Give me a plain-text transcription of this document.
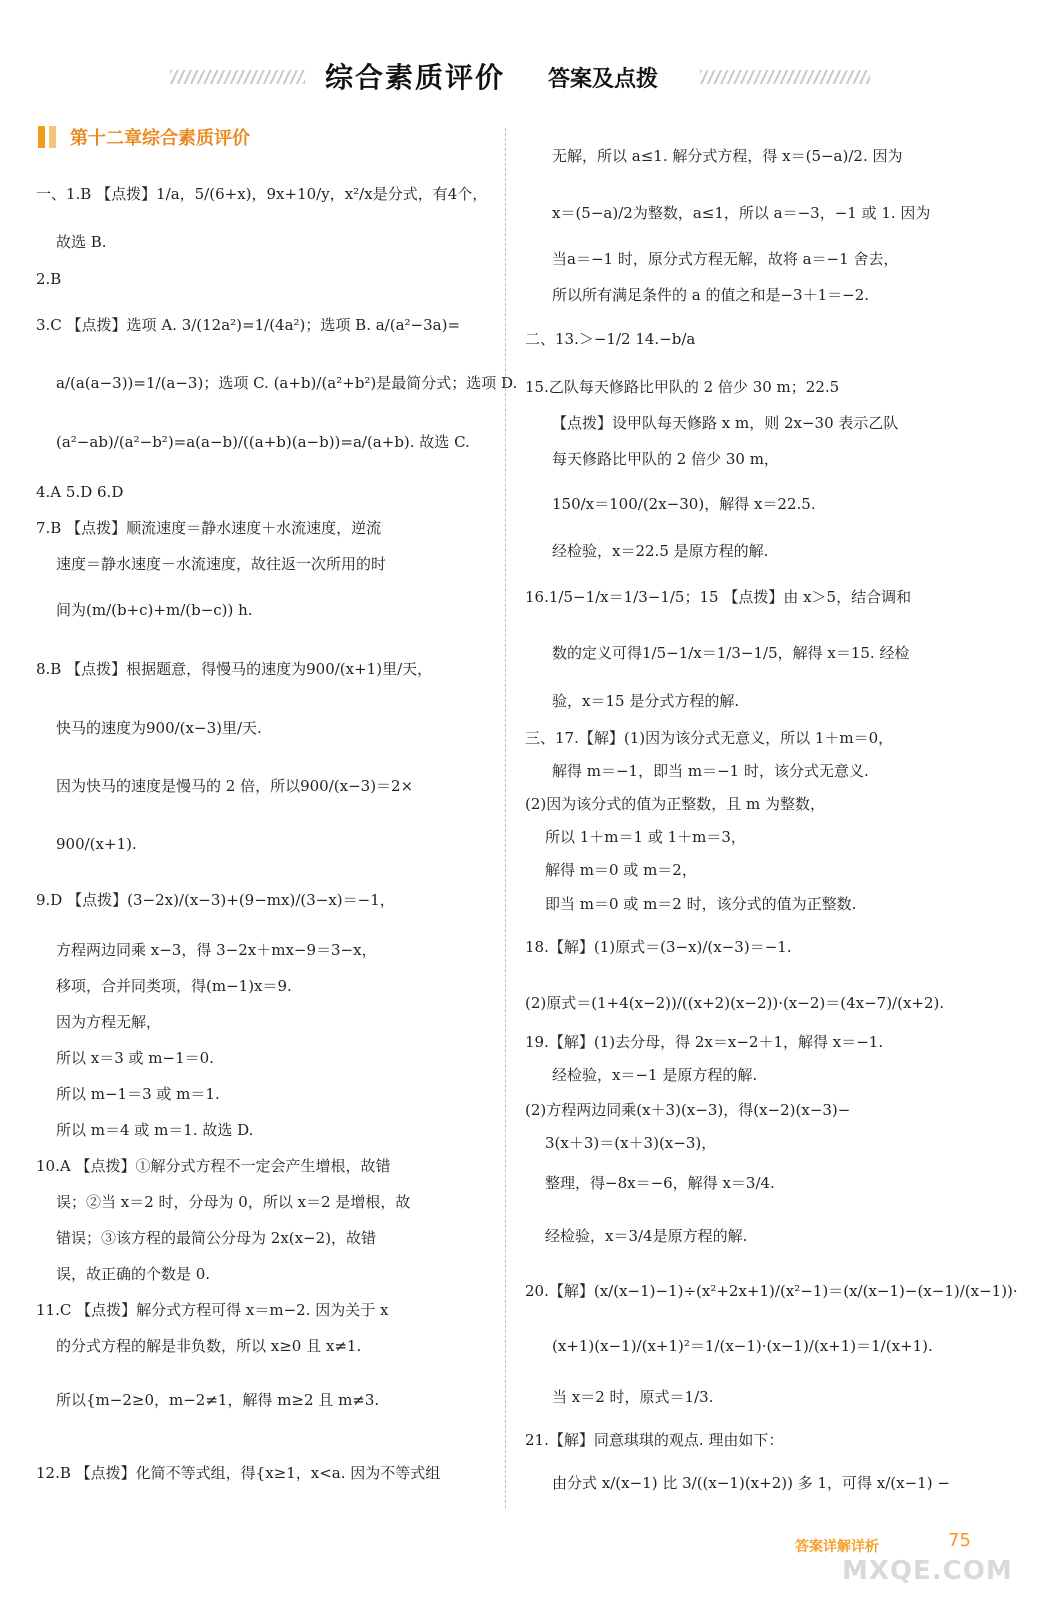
综合素质评价 答案及点拨
第十二章综合素质评价
一、1.B 【点拨】1/a，5/(6+x)，9x+10/y，x²/x是分式，有4个，
故选 B.
2.B
3.C 【点拨】选项 A. 3/(12a²)=1/(4a²)；选项 B. a/(a²−3a)=
a/(a(a−3))=1/(a−3)；选项 C. (a+b)/(a²+b²)是最简分式；选项 D.
(a²−ab)/(a²−b²)=a(a−b)/((a+b)(a−b))=a/(a+b). 故选 C.
4.A 5.D 6.D
7.B 【点拨】顺流速度＝静水速度＋水流速度，逆流
速度＝静水速度－水流速度，故往返一次所用的时
间为(m/(b+c)+m/(b−c)) h.
8.B 【点拨】根据题意，得慢马的速度为900/(x+1)里/天，
快马的速度为900/(x−3)里/天.
因为快马的速度是慢马的 2 倍，所以900/(x−3)＝2×
900/(x+1).
9.D 【点拨】(3−2x)/(x−3)+(9−mx)/(3−x)＝−1，
方程两边同乘 x−3，得 3−2x＋mx−9＝3−x，
移项，合并同类项，得(m−1)x＝9.
因为方程无解，
所以 x＝3 或 m−1＝0.
所以 m−1＝3 或 m＝1.
所以 m＝4 或 m＝1. 故选 D.
10.A 【点拨】①解分式方程不一定会产生增根，故错
误；②当 x＝2 时，分母为 0，所以 x＝2 是增根，故
错误；③该方程的最简公分母为 2x(x−2)，故错
误，故正确的个数是 0.
11.C 【点拨】解分式方程可得 x＝m−2. 因为关于 x
的分式方程的解是非负数，所以 x≥0 且 x≠1.
所以{m−2≥0，m−2≠1，解得 m≥2 且 m≠3.
12.B 【点拨】化简不等式组，得{x≥1，x<a. 因为不等式组
无解，所以 a≤1. 解分式方程，得 x＝(5−a)/2. 因为
x＝(5−a)/2为整数，a≤1，所以 a＝−3，−1 或 1. 因为
当a＝−1 时，原分式方程无解，故将 a＝−1 舍去，
所以所有满足条件的 a 的值之和是−3＋1＝−2.
二、13.＞−1/2 14.−b/a
15.乙队每天修路比甲队的 2 倍少 30 m；22.5
【点拨】设甲队每天修路 x m，则 2x−30 表示乙队
每天修路比甲队的 2 倍少 30 m，
150/x＝100/(2x−30)，解得 x＝22.5.
经检验，x＝22.5 是原方程的解.
16.1/5−1/x＝1/3−1/5；15 【点拨】由 x＞5，结合调和
数的定义可得1/5−1/x＝1/3−1/5，解得 x＝15. 经检
验，x＝15 是分式方程的解.
三、17.【解】(1)因为该分式无意义，所以 1＋m＝0，
解得 m＝−1，即当 m＝−1 时，该分式无意义.
(2)因为该分式的值为正整数，且 m 为整数，
所以 1＋m＝1 或 1＋m＝3，
解得 m＝0 或 m＝2，
即当 m＝0 或 m＝2 时，该分式的值为正整数.
18.【解】(1)原式＝(3−x)/(x−3)＝−1.
(2)原式＝(1+4(x−2))/((x+2)(x−2))·(x−2)＝(4x−7)/(x+2).
19.【解】(1)去分母，得 2x＝x−2＋1，解得 x＝−1.
经检验，x＝−1 是原方程的解.
(2)方程两边同乘(x＋3)(x−3)，得(x−2)(x−3)−
3(x＋3)＝(x＋3)(x−3)，
整理，得−8x＝−6，解得 x＝3/4.
经检验，x＝3/4是原方程的解.
20.【解】(x/(x−1)−1)÷(x²+2x+1)/(x²−1)＝(x/(x−1)−(x−1)/(x−1))·
(x+1)(x−1)/(x+1)²＝1/(x−1)·(x−1)/(x+1)＝1/(x+1).
当 x＝2 时，原式＝1/3.
21.【解】同意琪琪的观点. 理由如下：
由分式 x/(x−1) 比 3/((x−1)(x+2)) 多 1，可得 x/(x−1) −
答案详解详析	75
MXQE.COM
